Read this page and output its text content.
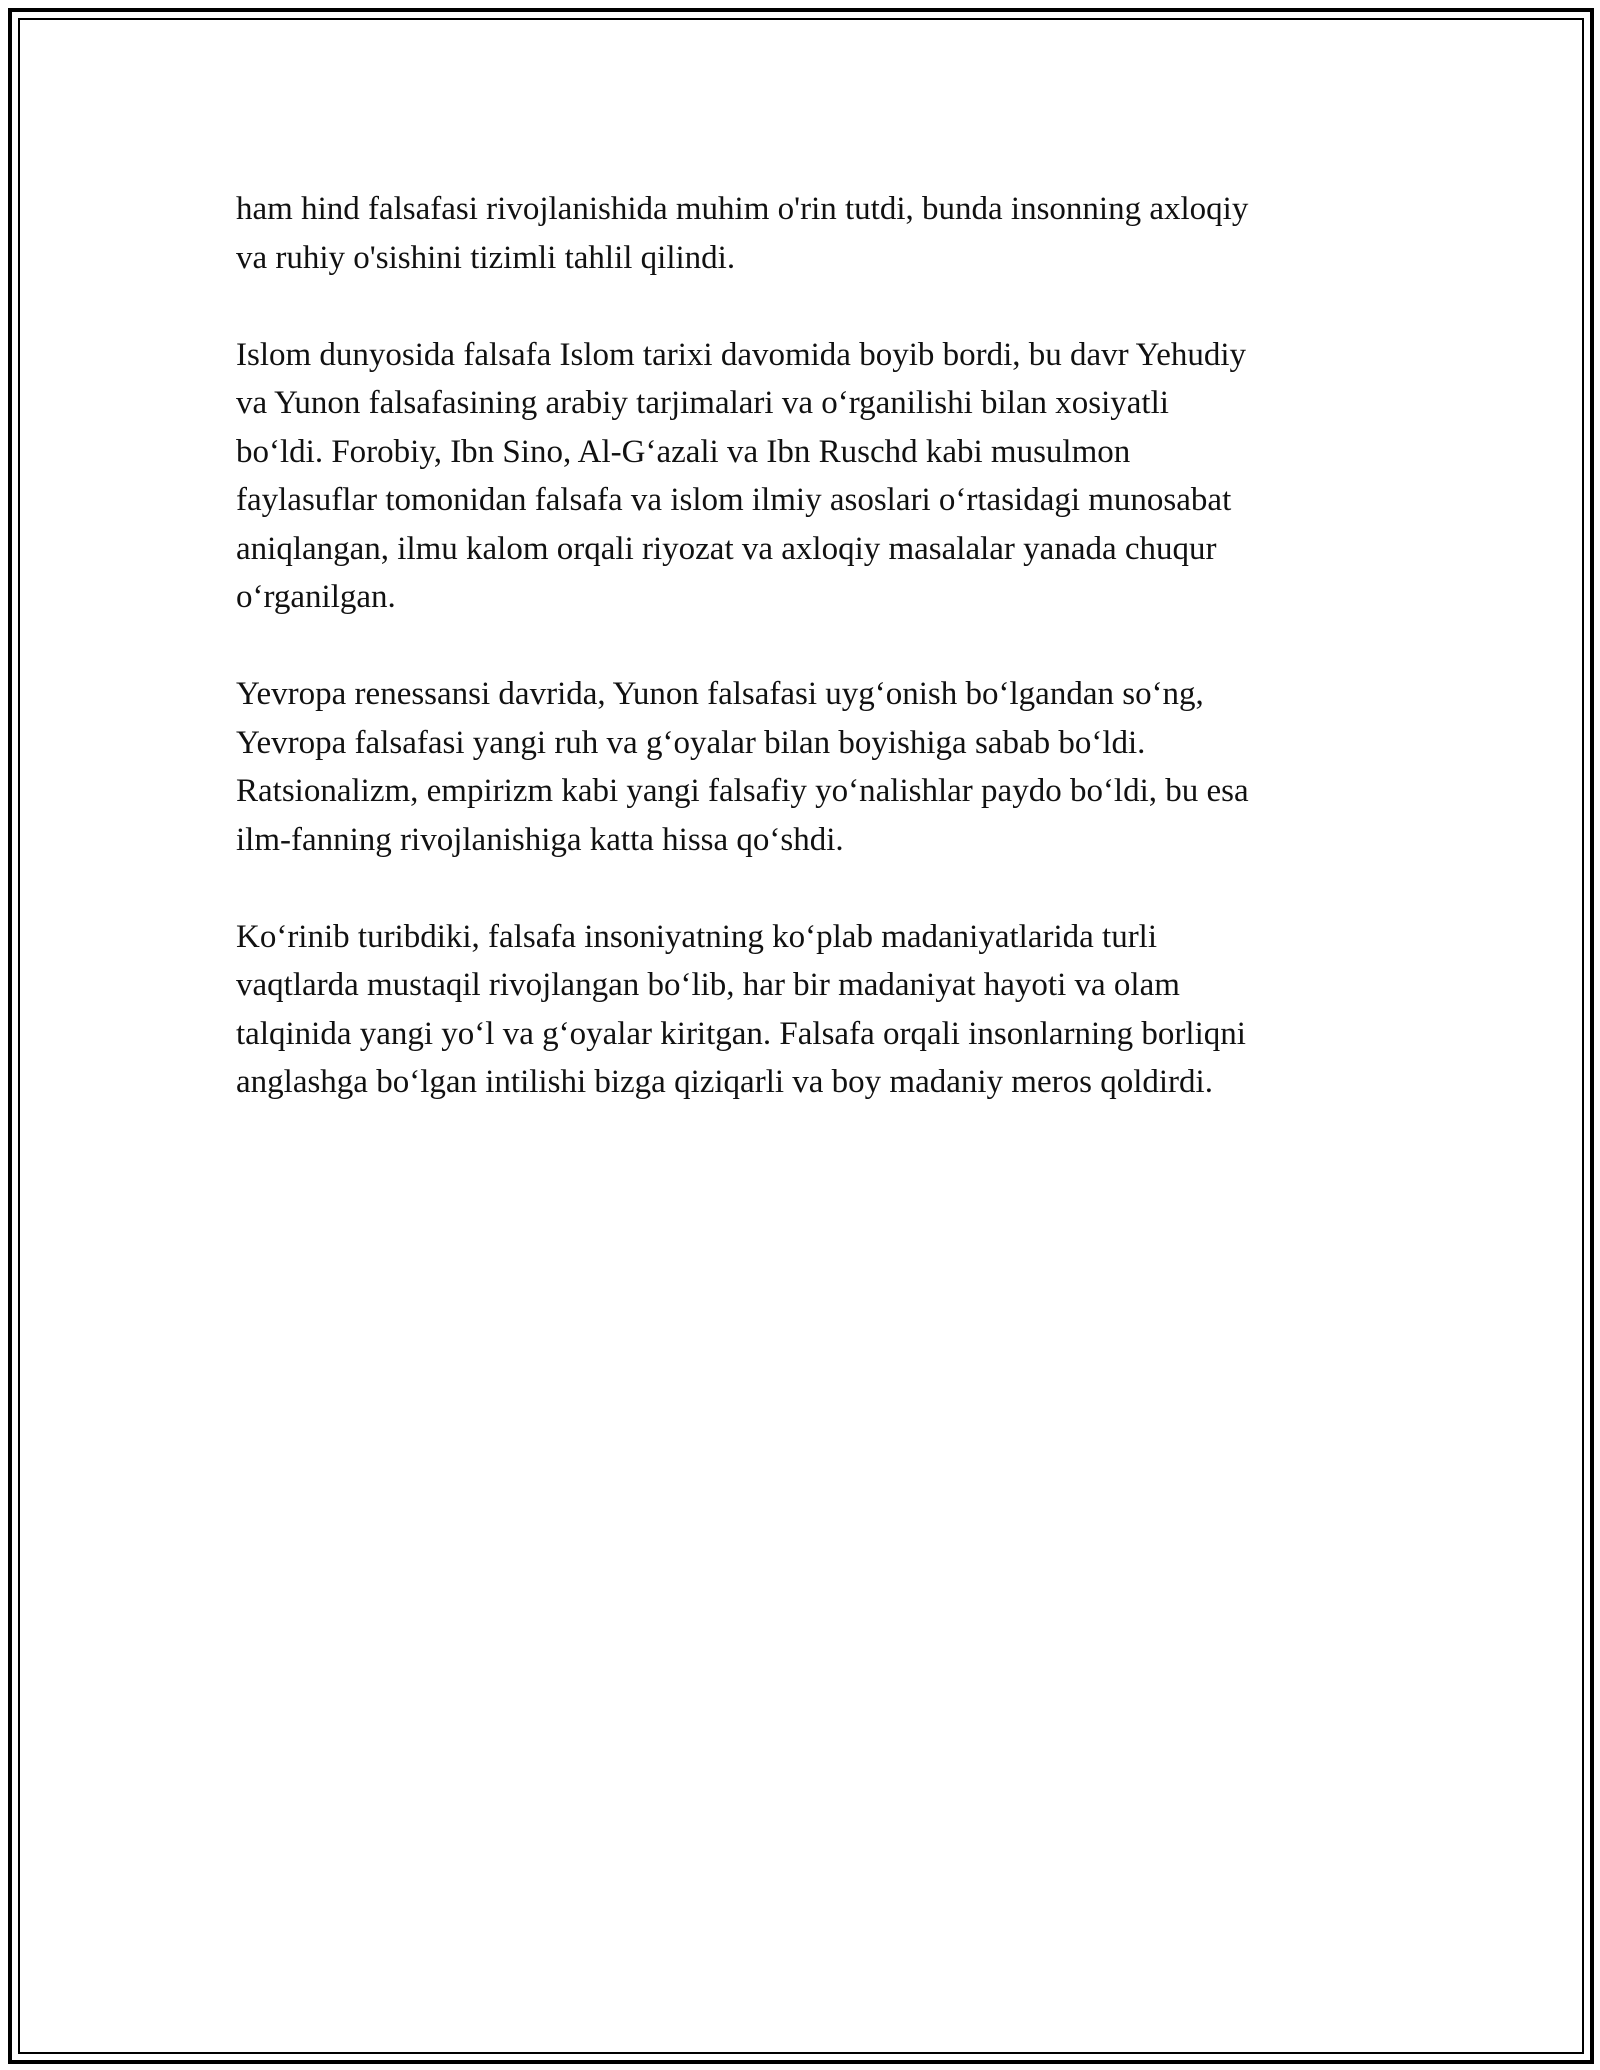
ham hind falsafasi rivojlanishida muhim o'rin tutdi, bunda insonning axloqiy
va ruhiy o'sishini tizimli tahlil qilindi.

Islom dunyosida falsafa Islom tarixi davomida boyib bordi, bu davr Yehudiy
va Yunon falsafasining arabiy tarjimalari va o‘rganilishi bilan xosiyatli
bo‘ldi. Forobiy, Ibn Sino, Al-G‘azali va Ibn Ruschd kabi musulmon
faylasuflar tomonidan falsafa va islom ilmiy asoslari o‘rtasidagi munosabat
aniqlangan, ilmu kalom orqali riyozat va axloqiy masalalar yanada chuqur
o‘rganilgan.

Yevropa renessansi davrida, Yunon falsafasi uyg‘onish bo‘lgandan so‘ng,
Yevropa falsafasi yangi ruh va g‘oyalar bilan boyishiga sabab bo‘ldi.
Ratsionalizm, empirizm kabi yangi falsafiy yo‘nalishlar paydo bo‘ldi, bu esa
ilm-fanning rivojlanishiga katta hissa qo‘shdi.

Ko‘rinib turibdiki, falsafa insoniyatning ko‘plab madaniyatlarida turli
vaqtlarda mustaqil rivojlangan bo‘lib, har bir madaniyat hayoti va olam
talqinida yangi yo‘l va g‘oyalar kiritgan. Falsafa orqali insonlarning borliqni
anglashga bo‘lgan intilishi bizga qiziqarli va boy madaniy meros qoldirdi.
